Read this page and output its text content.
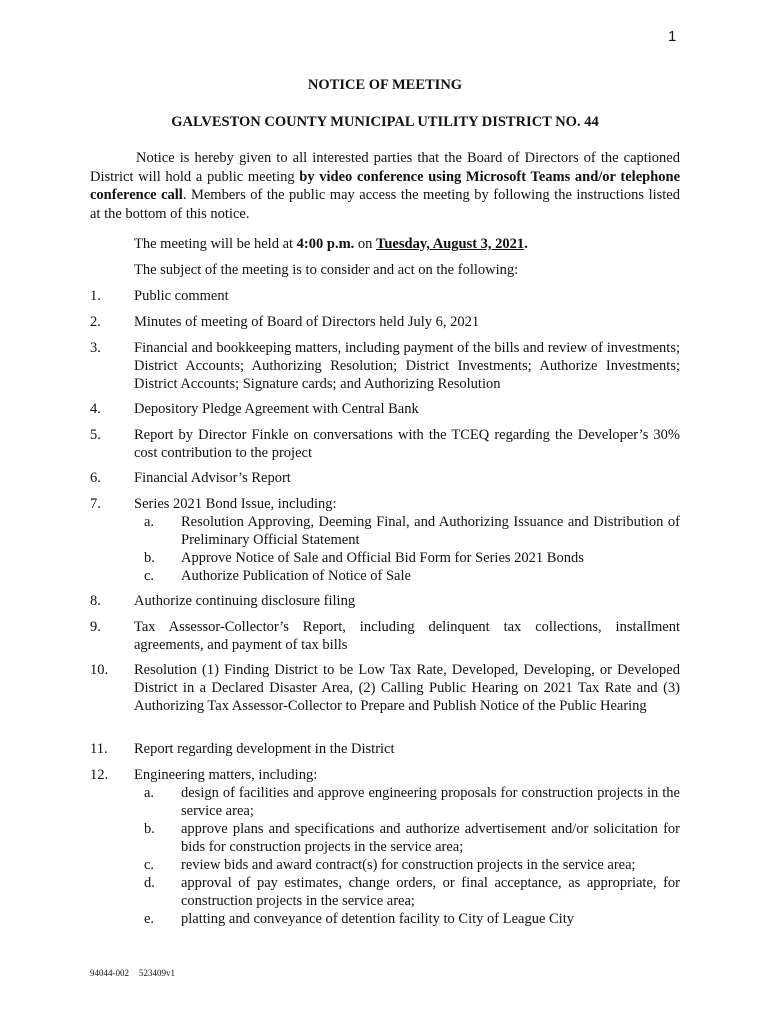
1
NOTICE OF MEETING
GALVESTON COUNTY MUNICIPAL UTILITY DISTRICT NO. 44
Notice is hereby given to all interested parties that the Board of Directors of the captioned District will hold a public meeting by video conference using Microsoft Teams and/or telephone conference call. Members of the public may access the meeting by following the instructions listed at the bottom of this notice.
The meeting will be held at 4:00 p.m. on Tuesday, August 3, 2021.
The subject of the meeting is to consider and act on the following:
1.	Public comment
2.	Minutes of meeting of Board of Directors held July 6, 2021
3.	Financial and bookkeeping matters, including payment of the bills and review of investments; District Accounts; Authorizing Resolution; District Investments; Authorize Investments; District Accounts; Signature cards; and Authorizing Resolution
4.	Depository Pledge Agreement with Central Bank
5.	Report by Director Finkle on conversations with the TCEQ regarding the Developer’s 30% cost contribution to the project
6.	Financial Advisor’s Report
7.	Series 2021 Bond Issue, including:
a. Resolution Approving, Deeming Final, and Authorizing Issuance and Distribution of Preliminary Official Statement
b. Approve Notice of Sale and Official Bid Form for Series 2021 Bonds
c. Authorize Publication of Notice of Sale
8.	Authorize continuing disclosure filing
9.	Tax Assessor-Collector’s Report, including delinquent tax collections, installment agreements, and payment of tax bills
10.	Resolution (1) Finding District to be Low Tax Rate, Developed, Developing, or Developed District in a Declared Disaster Area, (2) Calling Public Hearing on 2021 Tax Rate and (3) Authorizing Tax Assessor-Collector to Prepare and Publish Notice of the Public Hearing
11.	Report regarding development in the District
12.	Engineering matters, including:
a. design of facilities and approve engineering proposals for construction projects in the service area;
b. approve plans and specifications and authorize advertisement and/or solicitation for bids for construction projects in the service area;
c. review bids and award contract(s) for construction projects in the service area;
d. approval of pay estimates, change orders, or final acceptance, as appropriate, for construction projects in the service area;
e. platting and conveyance of detention facility to City of League City
94044-002 523409v1
